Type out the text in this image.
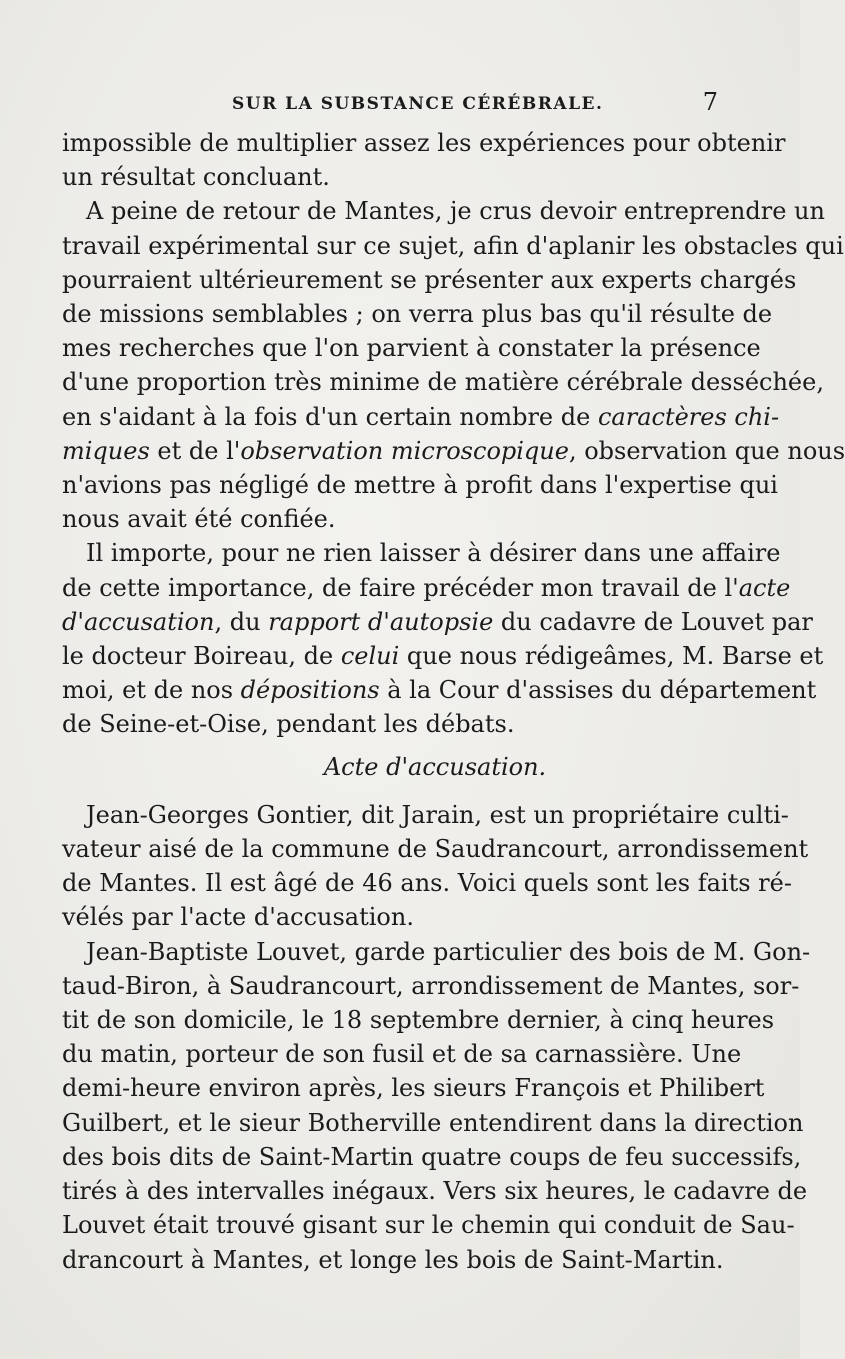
SUR LA SUBSTANCE CÉRÉBRALE.	7

impossible de multiplier assez les expériences pour obtenir
un résultat concluant.

A peine de retour de Mantes, je crus devoir entreprendre un
travail expérimental sur ce sujet, afin d'aplanir les obstacles qui
pourraient ultérieurement se présenter aux experts chargés
de missions semblables ; on verra plus bas qu'il résulte de
mes recherches que l'on parvient à constater la présence
d'une proportion très minime de matière cérébrale desséchée,
en s'aidant à la fois d'un certain nombre de caractères chi-
miques et de l'observation microscopique, observation que nous
n'avions pas négligé de mettre à profit dans l'expertise qui
nous avait été confiée.

Il importe, pour ne rien laisser à désirer dans une affaire
de cette importance, de faire précéder mon travail de l'acte
d'accusation, du rapport d'autopsie du cadavre de Louvet par
le docteur Boireau, de celui que nous rédigeâmes, M. Barse et
moi, et de nos dépositions à la Cour d'assises du département
de Seine-et-Oise, pendant les débats.

Acte d'accusation.

Jean-Georges Gontier, dit Jarain, est un propriétaire culti-
vateur aisé de la commune de Saudrancourt, arrondissement
de Mantes. Il est âgé de 46 ans. Voici quels sont les faits ré-
vélés par l'acte d'accusation.

Jean-Baptiste Louvet, garde particulier des bois de M. Gon-
taud-Biron, à Saudrancourt, arrondissement de Mantes, sor-
tit de son domicile, le 18 septembre dernier, à cinq heures
du matin, porteur de son fusil et de sa carnassière. Une
demi-heure environ après, les sieurs François et Philibert
Guilbert, et le sieur Botherville entendirent dans la direction
des bois dits de Saint-Martin quatre coups de feu successifs,
tirés à des intervalles inégaux. Vers six heures, le cadavre de
Louvet était trouvé gisant sur le chemin qui conduit de Sau-
drancourt à Mantes, et longe les bois de Saint-Martin.
